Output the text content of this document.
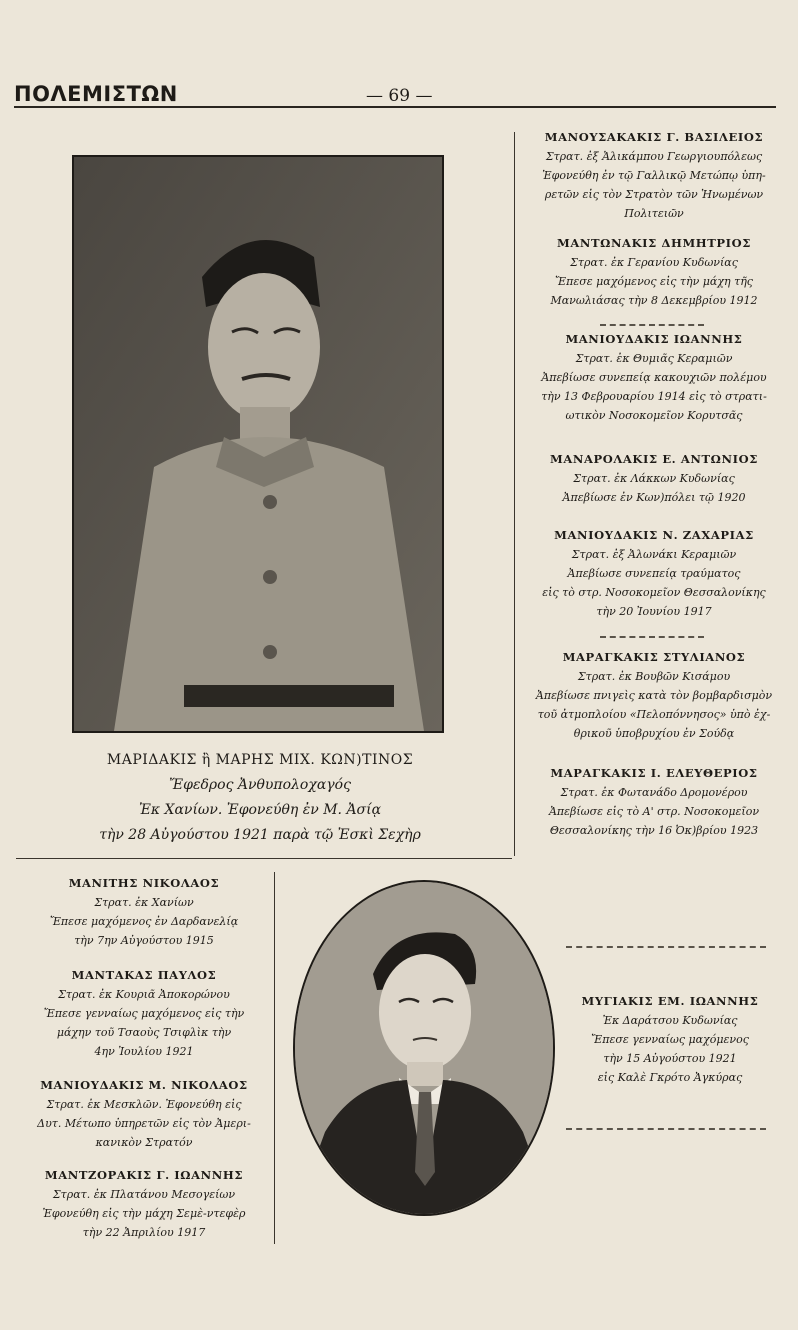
ΠΟΛΕΜΙΣΤΩΝ	— 69 —
ΜΑΡΙΔΑΚΙΣ ἢ ΜΑΡΗΣ ΜΙΧ. ΚΩΝ)ΤΙΝΟΣ
Ἔφεδρος Ἀνθυπολοχαγός
Ἐκ Χανίων. Ἐφονεύθη ἐν Μ. Ἀσίᾳ
τὴν 28 Αὐγούστου 1921 παρὰ τῷ Ἐσκὶ Σεχὴρ
ΜΑΝΟΥΣΑΚΑΚΙΣ Γ. ΒΑΣΙΛΕΙΟΣ
Στρατ. ἐξ Ἀλικάμπου Γεωργιουπόλεως
Ἐφονεύθη ἐν τῷ Γαλλικῷ Μετώπῳ ὑπη-
ρετῶν εἰς τὸν Στρατὸν τῶν Ἡνωμένων
Πολιτειῶν
ΜΑΝΤΩΝΑΚΙΣ ΔΗΜΗΤΡΙΟΣ
Στρατ. ἐκ Γερανίου Κυδωνίας
Ἔπεσε μαχόμενος εἰς τὴν μάχη τῆς
Μανωλιάσας τὴν 8 Δεκεμβρίου 1912
ΜΑΝΙΟΥΔΑΚΙΣ ΙΩΑΝΝΗΣ
Στρατ. ἐκ Θυμιᾶς Κεραμιῶν
Ἀπεβίωσε συνεπείᾳ κακουχιῶν πολέμου
τὴν 13 Φεβρουαρίου 1914 εἰς τὸ στρατι-
ωτικὸν Νοσοκομεῖον Κορυτσᾶς
ΜΑΝΑΡΟΛΑΚΙΣ Ε. ΑΝΤΩΝΙΟΣ
Στρατ. ἐκ Λάκκων Κυδωνίας
Ἀπεβίωσε ἐν Κων)πόλει τῷ 1920
ΜΑΝΙΟΥΔΑΚΙΣ Ν. ΖΑΧΑΡΙΑΣ
Στρατ. ἐξ Ἀλωνάκι Κεραμιῶν
Ἀπεβίωσε συνεπείᾳ τραύματος
εἰς τὸ στρ. Νοσοκομεῖον Θεσσαλονίκης
τὴν 20 Ἰουνίου 1917
ΜΑΡΑΓΚΑΚΙΣ ΣΤΥΛΙΑΝΟΣ
Στρατ. ἐκ Βουβῶν Κισάμου
Ἀπεβίωσε πνιγεὶς κατὰ τὸν βομβαρδισμὸν
τοῦ ἀτμοπλοίου «Πελοπόννησος» ὑπὸ ἐχ-
θρικοῦ ὑποβρυχίου ἐν Σούδᾳ
ΜΑΡΑΓΚΑΚΙΣ Ι. ΕΛΕΥΘΕΡΙΟΣ
Στρατ. ἐκ Φωτανάδο Δρομονέρου
Ἀπεβίωσε εἰς τὸ Α' στρ. Νοσοκομεῖον
Θεσσαλονίκης τὴν 16 Ὀκ)βρίου 1923
ΜΑΝΙΤΗΣ ΝΙΚΟΛΑΟΣ
Στρατ. ἐκ Χανίων
Ἔπεσε μαχόμενος ἐν Δαρδανελίᾳ
τὴν 7ην Αὐγούστου 1915
ΜΑΝΤΑΚΑΣ ΠΑΥΛΟΣ
Στρατ. ἐκ Κουριᾶ Ἀποκορώνου
Ἔπεσε γενναίως μαχόμενος εἰς τὴν
μάχην τοῦ Τσαοὺς Τσιφλὶκ τὴν
4ην Ἰουλίου 1921
ΜΑΝΙΟΥΔΑΚΙΣ Μ. ΝΙΚΟΛΑΟΣ
Στρατ. ἐκ Μεσκλῶν. Ἐφονεύθη εἰς
Δυτ. Μέτωπο ὑπηρετῶν εἰς τὸν Ἀμερι-
κανικὸν Στρατόν
ΜΑΝΤΖΟΡΑΚΙΣ Γ. ΙΩΑΝΝΗΣ
Στρατ. ἐκ Πλατάνου Μεσογείων
Ἐφονεύθη εἰς τὴν μάχη Σεμὲ-ντεφὲρ
τὴν 22 Ἀπριλίου 1917
ΜΥΓΙΑΚΙΣ ΕΜ. ΙΩΑΝΝΗΣ
Ἐκ Δαράτσου Κυδωνίας
Ἔπεσε γενναίως μαχόμενος
τὴν 15 Αὐγούστου 1921
εἰς Καλὲ Γκρότο Ἀγκύρας
